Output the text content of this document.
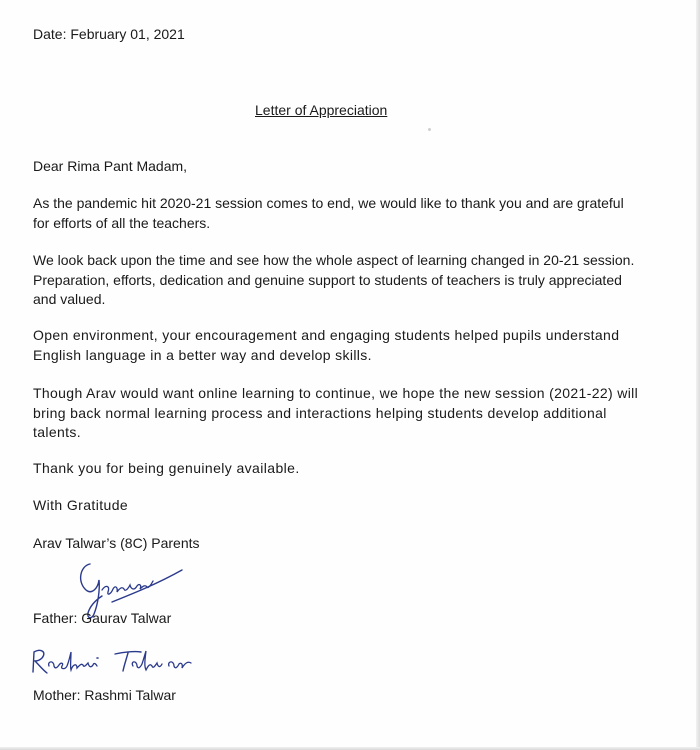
Date: February 01, 2021

Letter of Appreciation

Dear Rima Pant Madam,

As the pandemic hit 2020-21 session comes to end, we would like to thank you and are grateful for efforts of all the teachers.

We look back upon the time and see how the whole aspect of learning changed in 20-21 session. Preparation, efforts, dedication and genuine support to students of teachers is truly appreciated and valued.

Open environment, your encouragement and engaging students helped pupils understand English language in a better way and develop skills.

Though Arav would want online learning to continue, we hope the new session (2021-22) will bring back normal learning process and interactions helping students develop additional talents.

Thank you for being genuinely available.

With Gratitude

Arav Talwar’s (8C) Parents

Father: Gaurav Talwar

Mother: Rashmi Talwar
